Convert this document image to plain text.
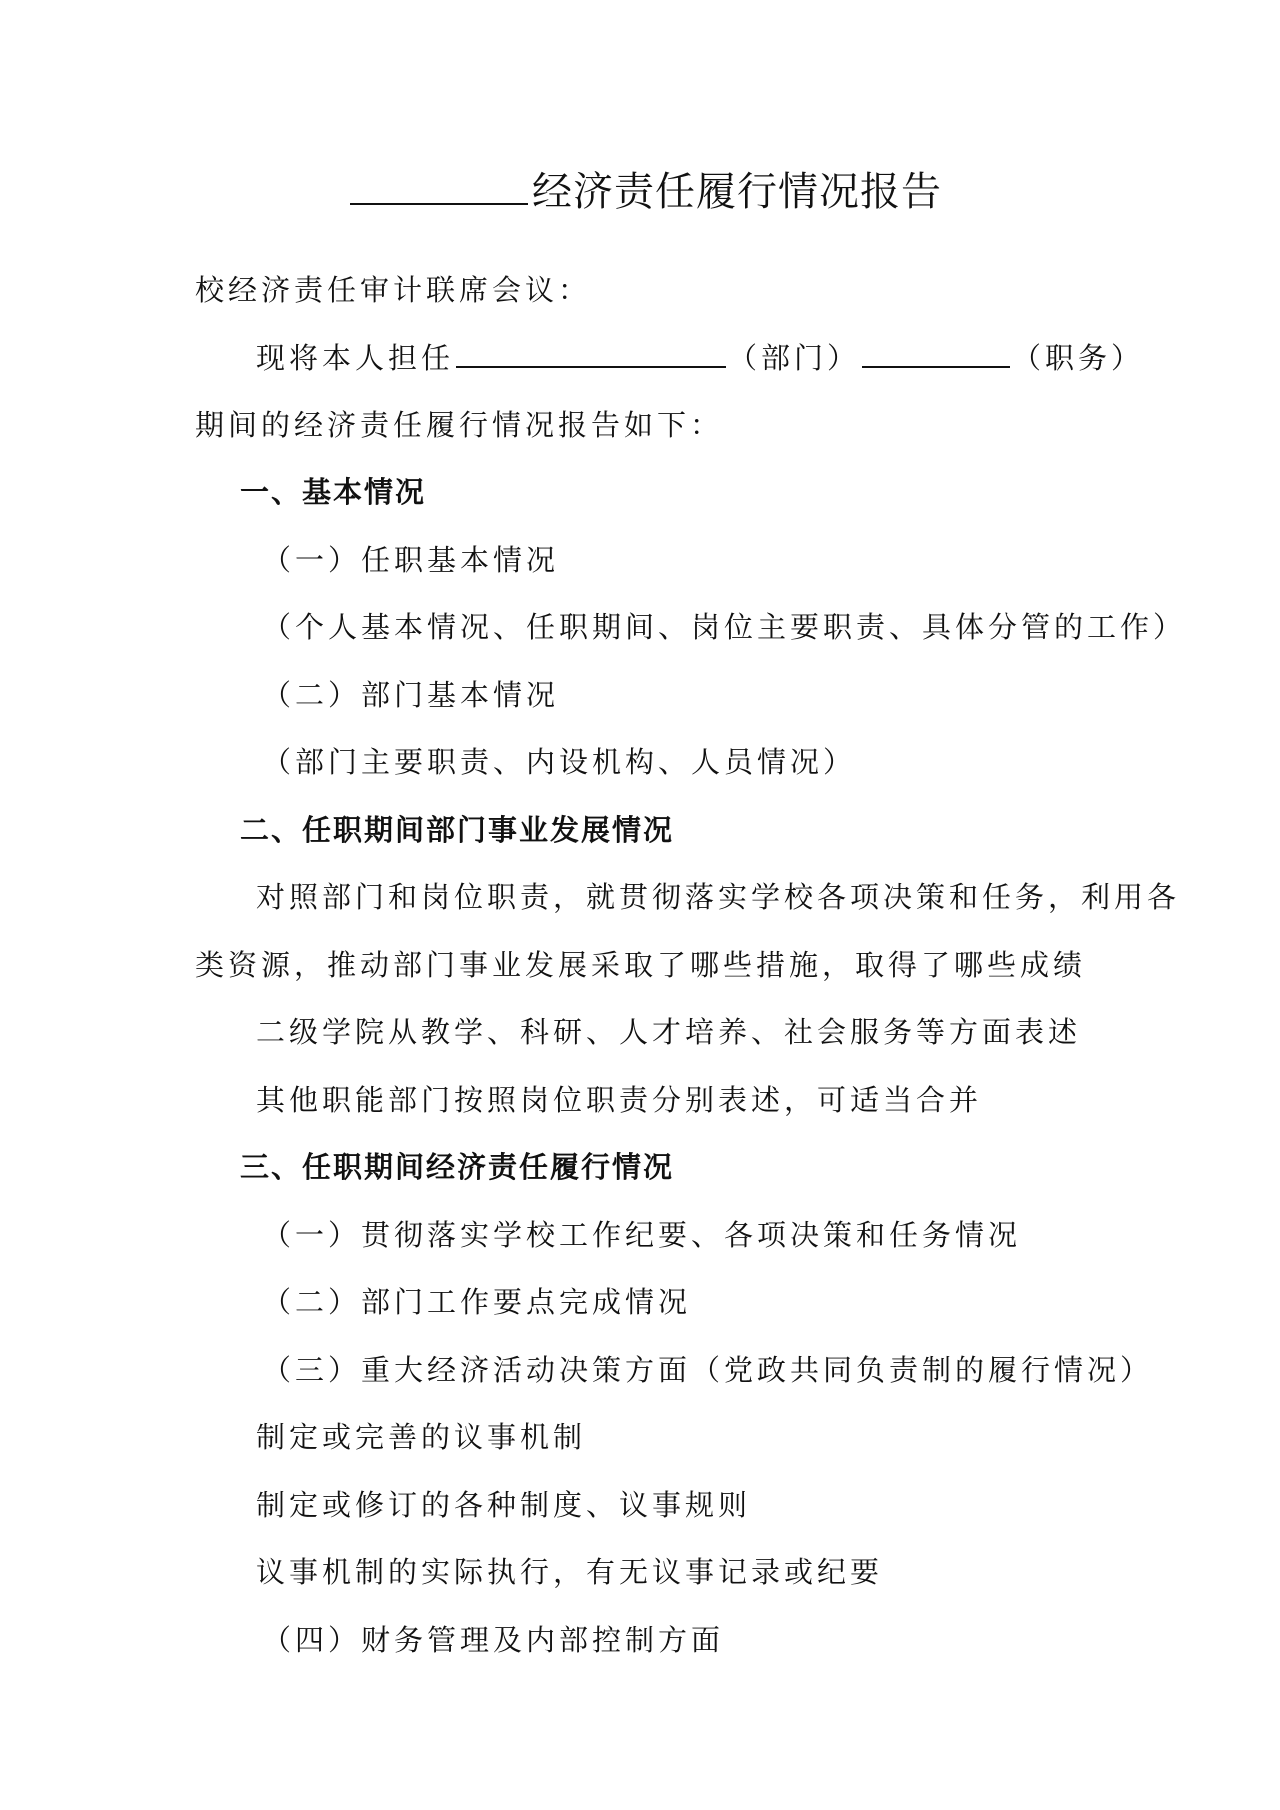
经济责任履行情况报告
校经济责任审计联席会议：
现将本人担任	（部门）	（职务）
期间的经济责任履行情况报告如下：
一、基本情况
（一）任职基本情况
（个人基本情况、任职期间、岗位主要职责、具体分管的工作）
（二）部门基本情况
（部门主要职责、内设机构、人员情况）
二、任职期间部门事业发展情况
对照部门和岗位职责，就贯彻落实学校各项决策和任务，利用各
类资源，推动部门事业发展采取了哪些措施，取得了哪些成绩
二级学院从教学、科研、人才培养、社会服务等方面表述
其他职能部门按照岗位职责分别表述，可适当合并
三、任职期间经济责任履行情况
（一）贯彻落实学校工作纪要、各项决策和任务情况
（二）部门工作要点完成情况
（三）重大经济活动决策方面（党政共同负责制的履行情况）
制定或完善的议事机制
制定或修订的各种制度、议事规则
议事机制的实际执行，有无议事记录或纪要
（四）财务管理及内部控制方面
